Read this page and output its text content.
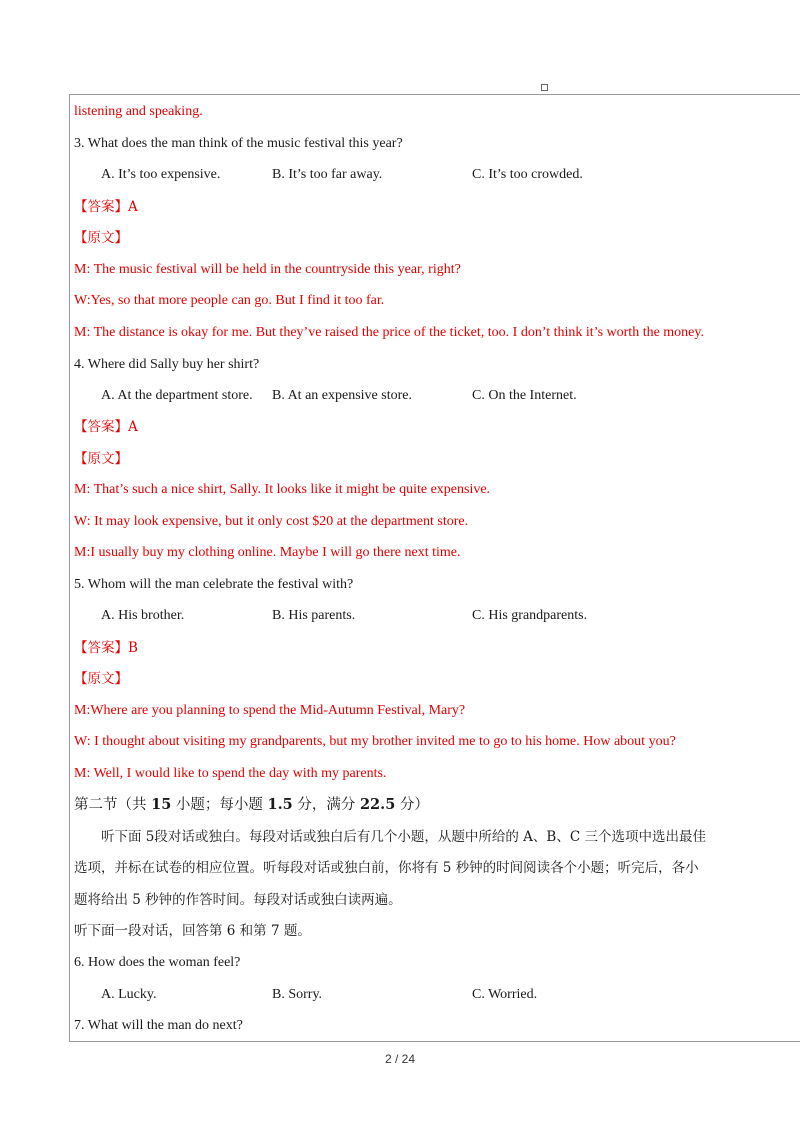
listening and speaking.
3. What does the man think of the music festival this year?
A. It’s too expensive.	B. It’s too far away.	C. It’s too crowded.
【答案】A
【原文】
M: The music festival will be held in the countryside this year, right?
W:Yes, so that more people can go. But I find it too far.
M: The distance is okay for me. But they’ve raised the price of the ticket, too. I don’t think it’s worth the money.
4. Where did Sally buy her shirt?
A. At the department store. B. At an expensive store.	C. On the Internet.
【答案】A
【原文】
M: That’s such a nice shirt, Sally. It looks like it might be quite expensive.
W: It may look expensive, but it only cost $20 at the department store.
M:I usually buy my clothing online. Maybe I will go there next time.
5. Whom will the man celebrate the festival with?
A. His brother.	B. His parents.	C. His grandparents.
【答案】B
【原文】
M:Where are you planning to spend the Mid-Autumn Festival, Mary?
W: I thought about visiting my grandparents, but my brother invited me to go to his home. How about you?
M: Well, I would like to spend the day with my parents.
第二节（共 15 小题；每小题 1.5 分，满分 22.5 分）
听下面 5段对话或独白。每段对话或独白后有几个小题，从题中所给的 A、B、C 三个选项中选出最佳
选项，并标在试卷的相应位置。听每段对话或独白前，你将有 5 秒钟的时间阅读各个小题；听完后，各小
题将给出 5 秒钟的作答时间。每段对话或独白读两遍。
听下面一段对话，回答第 6 和第 7 题。
6. How does the woman feel?
A. Lucky.	B. Sorry.	C. Worried.
7. What will the man do next?
2 / 24
